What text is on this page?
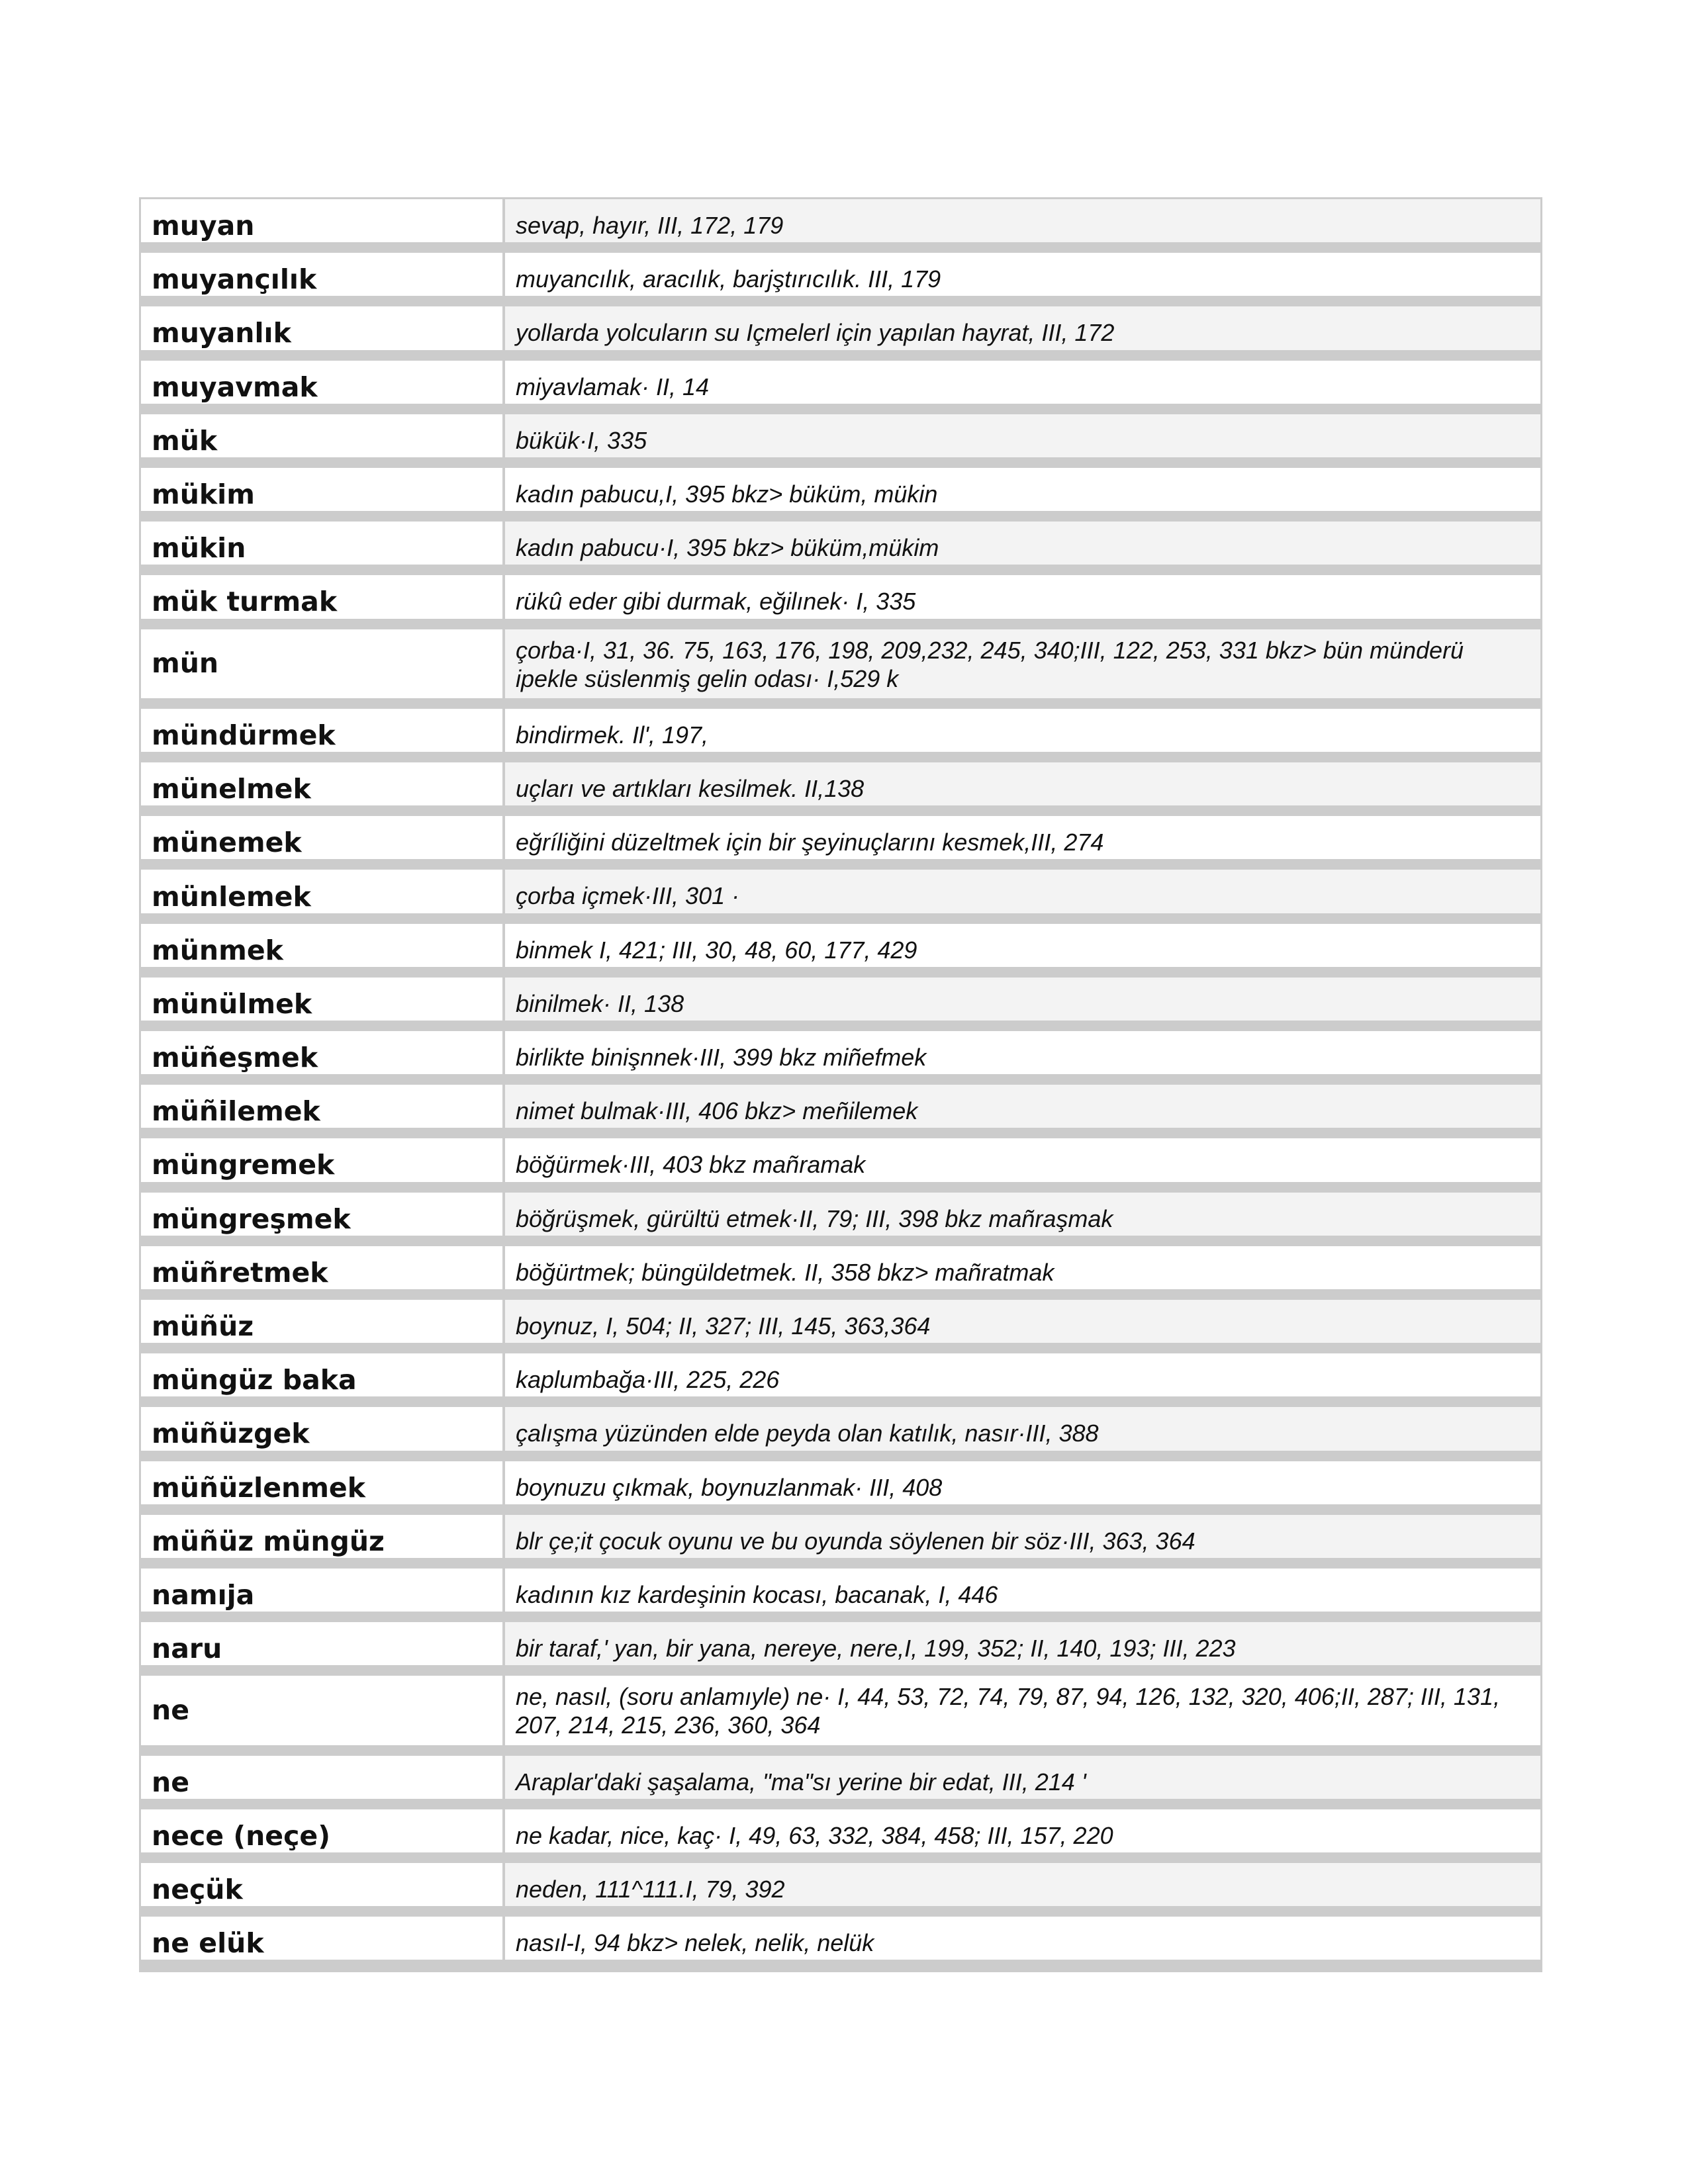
muyan	sevap, hayır, III, 172, 179
muyançılık	muyancılık, aracılık, barjştırıcılık. III, 179
muyanlık	yollarda yolcuların su Içmelerl için yapılan hayrat, III, 172
muyavmak	miyavlamak· II, 14
mük	bükük·I, 335
mükim	kadın pabucu,I, 395 bkz> büküm, mükin
mükin	kadın pabucu·I, 395 bkz> büküm,mükim
mük turmak	rükû eder gibi durmak, eğilınek· I, 335
mün	çorba·I, 31, 36. 75, 163, 176, 198, 209,232, 245, 340;III, 122, 253, 331 bkz> bün münderü ipekle süslenmiş gelin odası· I,529 k
mündürmek	bindirmek. Il', 197,
münelmek	uçları ve artıkları kesilmek. II,138
münemek	eğríliğini düzeltmek için bir şeyinuçlarını kesmek,III, 274
münlemek	çorba içmek·III, 301 ·
münmek	binmek I, 421; III, 30, 48, 60, 177, 429
münülmek	binilmek· II, 138
müñeşmek	birlikte binişnnek·III, 399 bkz miñefmek
müñilemek	nimet bulmak·III, 406 bkz> meñilemek
müngremek	böğürmek·III, 403 bkz mañramak
müngreşmek	böğrüşmek, gürültü etmek·II, 79; III, 398 bkz mañraşmak
müñretmek	böğürtmek; büngüldetmek. II, 358 bkz> mañratmak
müñüz	boynuz, I, 504; II, 327; III, 145, 363,364
müngüz baka	kaplumbağa·III, 225, 226
müñüzgek	çalışma yüzünden elde peyda olan katılık, nasır·III, 388
müñüzlenmek	boynuzu çıkmak, boynuzlanmak· III, 408
müñüz müngüz	blr çe;it çocuk oyunu ve bu oyunda söylenen bir söz·III, 363, 364
namıja	kadının kız kardeşinin kocası, bacanak, I, 446
naru	bir taraf,' yan, bir yana, nereye, nere,I, 199, 352; II, 140, 193; III, 223
ne	ne, nasıl, (soru anlamıyle) ne· I, 44, 53, 72, 74, 79, 87, 94, 126, 132, 320, 406;II, 287; III, 131, 207, 214, 215, 236, 360, 364
ne	Araplar'daki şaşalama, "ma"sı yerine bir edat, III, 214 '
nece (neçe)	ne kadar, nice, kaç· I, 49, 63, 332, 384, 458; III, 157, 220
neçük	neden, 111^111.I, 79, 392
ne elük	nasıl-I, 94 bkz> nelek, nelik, nelük
